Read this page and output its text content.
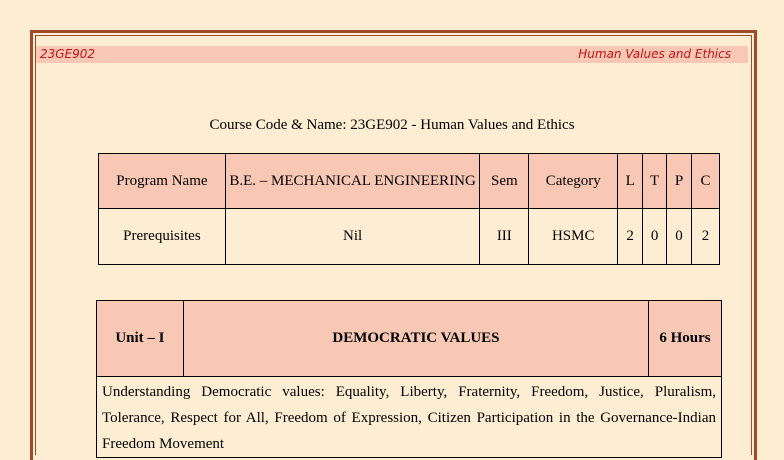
23GE902	Human Values and Ethics
Course Code & Name: 23GE902 - Human Values and Ethics
Program Name	B.E. – MECHANICAL ENGINEERING	Sem	Category	L	T	P	C
Prerequisites	Nil	III	HSMC	2	0	0	2
Unit – I	DEMOCRATIC VALUES	6 Hours
Understanding Democratic values: Equality, Liberty, Fraternity, Freedom, Justice, Pluralism, Tolerance, Respect for All, Freedom of Expression, Citizen Participation in the Governance-Indian Freedom Movement
